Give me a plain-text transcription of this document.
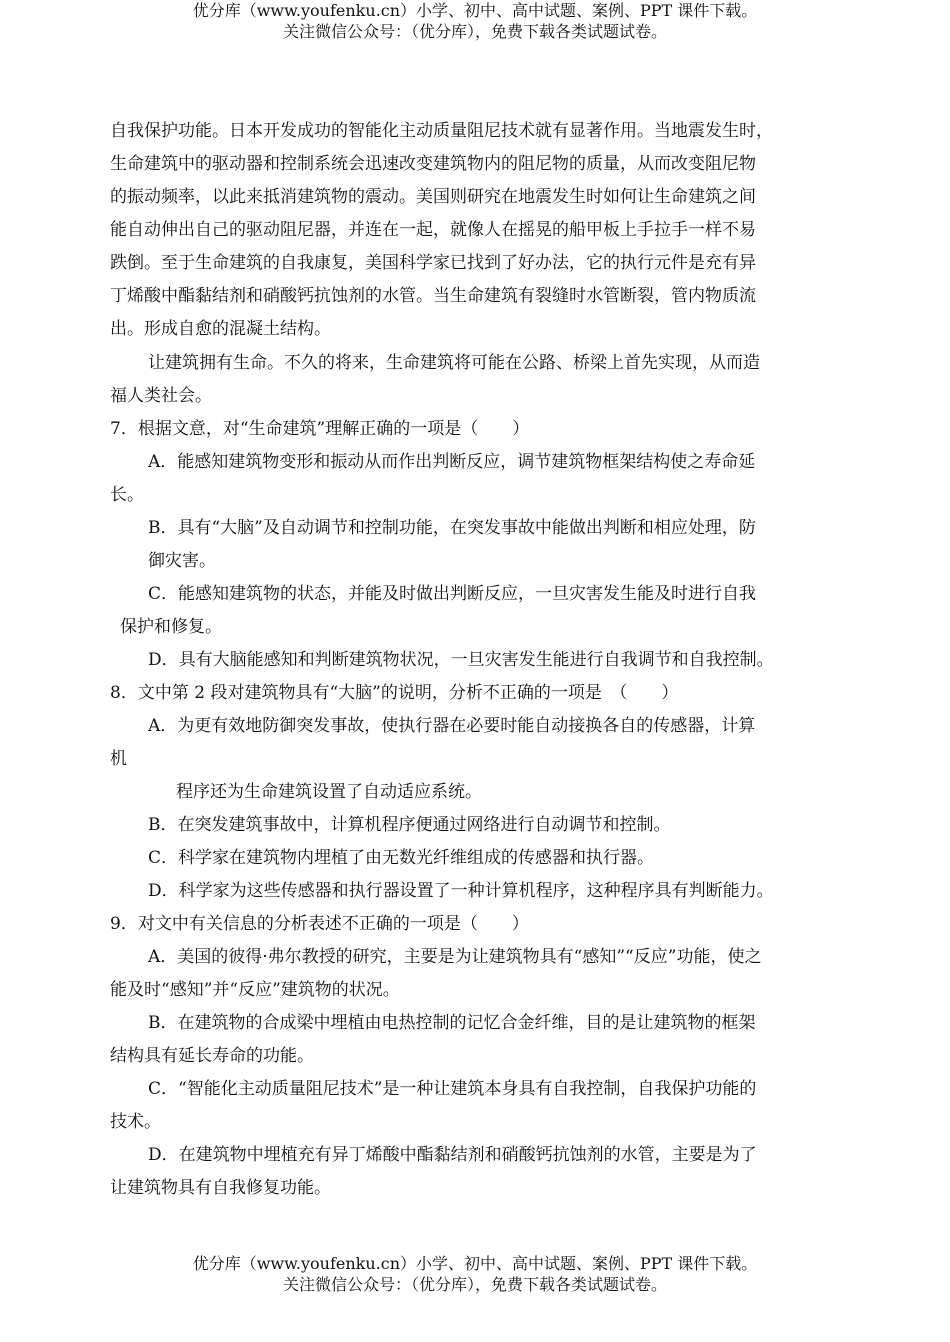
优分库（www.youfenku.cn）小学、初中、高中试题、案例、PPT 课件下载。
关注微信公众号：（优分库），免费下载各类试题试卷。
自我保护功能。日本开发成功的智能化主动质量阻尼技术就有显著作用。当地震发生时，
生命建筑中的驱动器和控制系统会迅速改变建筑物内的阻尼物的质量，从而改变阻尼物
的振动频率，以此来抵消建筑物的震动。美国则研究在地震发生时如何让生命建筑之间
能自动伸出自己的驱动阻尼器，并连在一起，就像人在摇晃的船甲板上手拉手一样不易
跌倒。至于生命建筑的自我康复，美国科学家已找到了好办法，它的执行元件是充有异
丁烯酸中酯黏结剂和硝酸钙抗蚀剂的水管。当生命建筑有裂缝时水管断裂，管内物质流
出。形成自愈的混凝土结构。
让建筑拥有生命。不久的将来，生命建筑将可能在公路、桥梁上首先实现，从而造
福人类社会。
7．根据文意，对“生命建筑”理解正确的一项是（　　）
A．能感知建筑物变形和振动从而作出判断反应，调节建筑物框架结构使之寿命延
长。
B．具有“大脑”及自动调节和控制功能，在突发事故中能做出判断和相应处理，防
御灾害。
C．能感知建筑物的状态，并能及时做出判断反应，一旦灾害发生能及时进行自我
保护和修复。
D．具有大脑能感知和判断建筑物状况，一旦灾害发生能进行自我调节和自我控制。
8．文中第 2 段对建筑物具有“大脑”的说明，分析不正确的一项是　（　　）
A．为更有效地防御突发事故，使执行器在必要时能自动接换各自的传感器，计算
机
程序还为生命建筑设置了自动适应系统。
B．在突发建筑事故中，计算机程序便通过网络进行自动调节和控制。
C．科学家在建筑物内埋植了由无数光纤维组成的传感器和执行器。
D．科学家为这些传感器和执行器设置了一种计算机程序，这种程序具有判断能力。
9．对文中有关信息的分析表述不正确的一项是（　　）
A．美国的彼得·弗尔教授的研究，主要是为让建筑物具有“感知”“反应”功能，使之
能及时“感知”并“反应”建筑物的状况。
B．在建筑物的合成梁中埋植由电热控制的记忆合金纤维，目的是让建筑物的框架
结构具有延长寿命的功能。
C．“智能化主动质量阻尼技术”是一种让建筑本身具有自我控制，自我保护功能的
技术。
D．在建筑物中埋植充有异丁烯酸中酯黏结剂和硝酸钙抗蚀剂的水管，主要是为了
让建筑物具有自我修复功能。
优分库（www.youfenku.cn）小学、初中、高中试题、案例、PPT 课件下载。
关注微信公众号：（优分库），免费下载各类试题试卷。
